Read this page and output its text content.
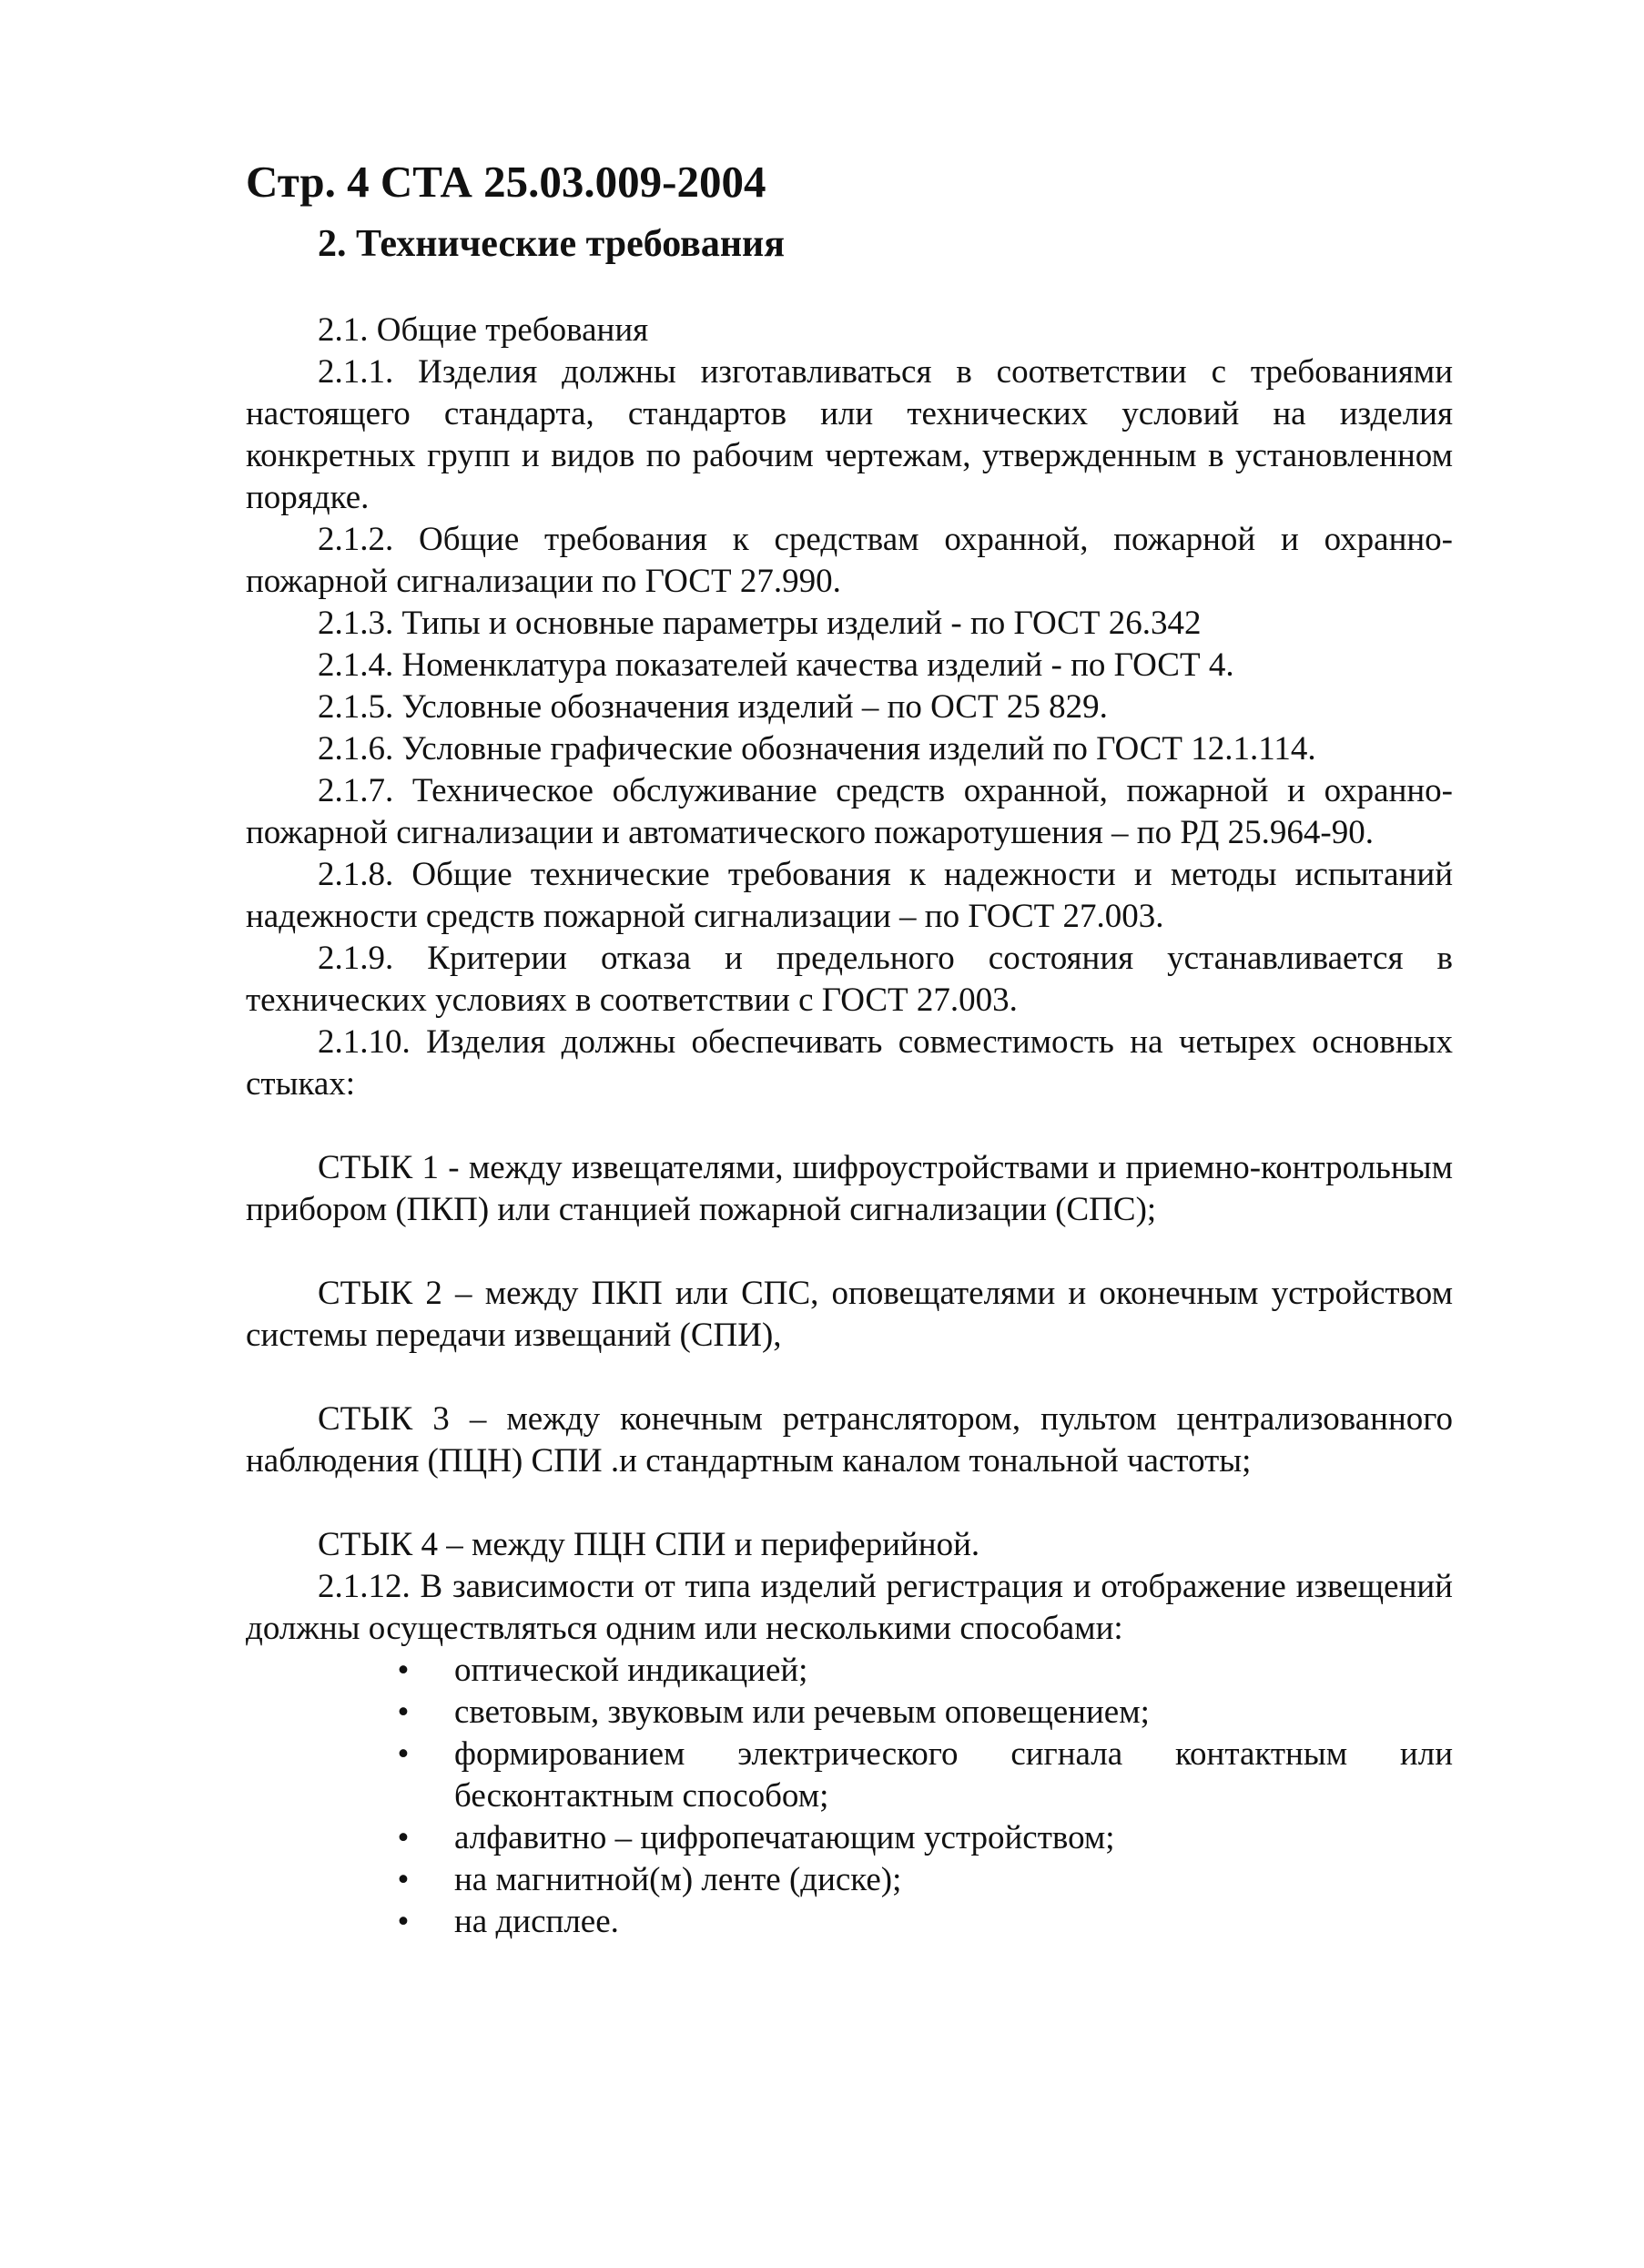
Стр. 4 СТА 25.03.009-2004
2. Технические требования

2.1. Общие требования

2.1.1. Изделия должны изготавливаться в соответствии с требованиями настоящего стандарта, стандартов или технических условий на изделия конкретных групп и видов по рабочим чертежам, утвержденным в установленном порядке.

2.1.2. Общие требования к средствам охранной, пожарной и охранно-пожарной сигнализации по ГОСТ 27.990.

2.1.3. Типы и основные параметры изделий - по ГОСТ 26.342

2.1.4. Номенклатура показателей качества изделий - по ГОСТ 4.

2.1.5. Условные обозначения изделий – по ОСТ 25 829.

2.1.6. Условные графические обозначения изделий по ГОСТ 12.1.114.

2.1.7. Техническое обслуживание средств охранной, пожарной и охранно- пожарной сигнализации и автоматического пожаротушения – по РД 25.964-90.

2.1.8. Общие технические требования к надежности и методы испытаний надежности средств пожарной сигнализации – по ГОСТ 27.003.

2.1.9. Критерии отказа и предельного состояния устанавливается в технических условиях в соответствии с ГОСТ 27.003.

2.1.10. Изделия должны обеспечивать совместимость на четырех основных стыках:

СТЫК 1 - между извещателями, шифроустройствами и приемно-контрольным прибором (ПКП) или станцией пожарной сигнализации (СПС);

СТЫК 2 – между ПКП или СПС, оповещателями и оконечным устройством системы передачи извещаний (СПИ),

СТЫК 3 – между конечным ретранслятором, пультом централизованного наблюдения (ПЦН) СПИ .и стандартным каналом тональной частоты;

СТЫК 4 – между ПЦН СПИ и периферийной.

2.1.12. В зависимости от типа изделий регистрация и отображение извещений должны осуществляться одним или несколькими способами:

• оптической индикацией;
• световым, звуковым или речевым оповещением;
• формированием электрического сигнала контактным или бесконтактным способом;
• алфавитно – цифропечатающим устройством;
• на магнитной(м) ленте (диске);
• на дисплее.
